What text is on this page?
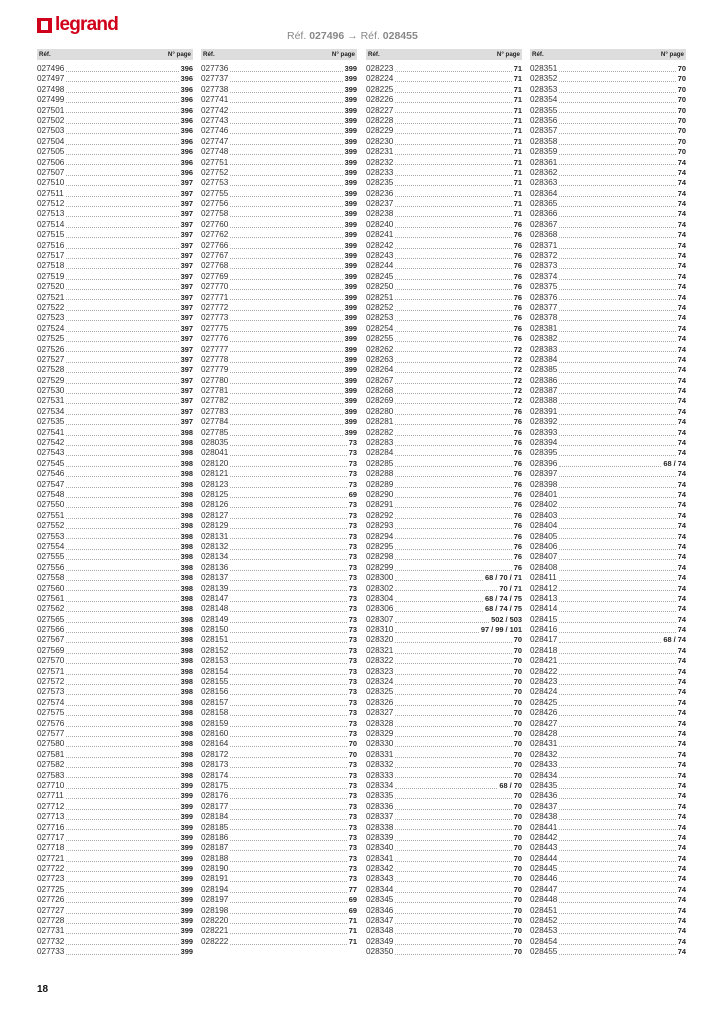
legrand
Réf. 027496 → Réf. 028455
Réf.	N° page
027496	396
027497	396
027498	396
027499	396
027501	396
027502	396
027503	396
027504	396
027505	396
027506	396
027507	396
027510	397
027511	397
027512	397
027513	397
027514	397
027515	397
027516	397
027517	397
027518	397
027519	397
027520	397
027521	397
027522	397
027523	397
027524	397
027525	397
027526	397
027527	397
027528	397
027529	397
027530	397
027531	397
027534	397
027535	397
027541	398
027542	398
027543	398
027545	398
027546	398
027547	398
027548	398
027550	398
027551	398
027552	398
027553	398
027554	398
027555	398
027556	398
027558	398
027560	398
027561	398
027562	398
027565	398
027566	398
027567	398
027569	398
027570	398
027571	398
027572	398
027573	398
027574	398
027575	398
027576	398
027577	398
027580	398
027581	398
027582	398
027583	398
027710	399
027711	399
027712	399
027713	399
027716	399
027717	399
027718	399
027721	399
027722	399
027723	399
027725	399
027726	399
027727	399
027728	399
027731	399
027732	399
027733	399
Réf.	N° page
027736	399
027737	399
027738	399
027741	399
027742	399
027743	399
027746	399
027747	399
027748	399
027751	399
027752	399
027753	399
027755	399
027756	399
027758	399
027760	399
027762	399
027766	399
027767	399
027768	399
027769	399
027770	399
027771	399
027772	399
027773	399
027775	399
027776	399
027777	399
027778	399
027779	399
027780	399
027781	399
027782	399
027783	399
027784	399
027785	399
028035	73
028041	73
028120	73
028121	73
028123	73
028125	69
028126	73
028127	73
028129	73
028131	73
028132	73
028134	73
028136	73
028137	73
028139	73
028147	73
028148	73
028149	73
028150	73
028151	73
028152	73
028153	73
028154	73
028155	73
028156	73
028157	73
028158	73
028159	73
028160	73
028164	70
028172	70
028173	73
028174	73
028175	73
028176	73
028177	73
028184	73
028185	73
028186	73
028187	73
028188	73
028190	73
028191	73
028194	77
028197	69
028198	69
028220	71
028221	71
028222	71
Réf.	N° page
028223	71
028224	71
028225	71
028226	71
028227	71
028228	71
028229	71
028230	71
028231	71
028232	71
028233	71
028235	71
028236	71
028237	71
028238	71
028240	76
028241	76
028242	76
028243	76
028244	76
028245	76
028250	76
028251	76
028252	76
028253	76
028254	76
028255	76
028262	72
028263	72
028264	72
028267	72
028268	72
028269	72
028280	76
028281	76
028282	76
028283	76
028284	76
028285	76
028288	76
028289	76
028290	76
028291	76
028292	76
028293	76
028294	76
028295	76
028298	76
028299	76
028300	68 / 70 / 71
028302	70 / 71
028304	68 / 74 / 75
028306	68 / 74 / 75
028307	502 / 503
028310	97 / 99 / 101
028320	70
028321	70
028322	70
028323	70
028324	70
028325	70
028326	70
028327	70
028328	70
028329	70
028330	70
028331	70
028332	70
028333	70
028334	68 / 70
028335	70
028336	70
028337	70
028338	70
028339	70
028340	70
028341	70
028342	70
028343	70
028344	70
028345	70
028346	70
028347	70
028348	70
028349	70
028350	70
Réf.	N° page
028351	70
028352	70
028353	70
028354	70
028355	70
028356	70
028357	70
028358	70
028359	70
028361	74
028362	74
028363	74
028364	74
028365	74
028366	74
028367	74
028368	74
028371	74
028372	74
028373	74
028374	74
028375	74
028376	74
028377	74
028378	74
028381	74
028382	74
028383	74
028384	74
028385	74
028386	74
028387	74
028388	74
028391	74
028392	74
028393	74
028394	74
028395	74
028396	68 / 74
028397	74
028398	74
028401	74
028402	74
028403	74
028404	74
028405	74
028406	74
028407	74
028408	74
028411	74
028412	74
028413	74
028414	74
028415	74
028416	74
028417	68 / 74
028418	74
028421	74
028422	74
028423	74
028424	74
028425	74
028426	74
028427	74
028428	74
028431	74
028432	74
028433	74
028434	74
028435	74
028436	74
028437	74
028438	74
028441	74
028442	74
028443	74
028444	74
028445	74
028446	74
028447	74
028448	74
028451	74
028452	74
028453	74
028454	74
028455	74
18
